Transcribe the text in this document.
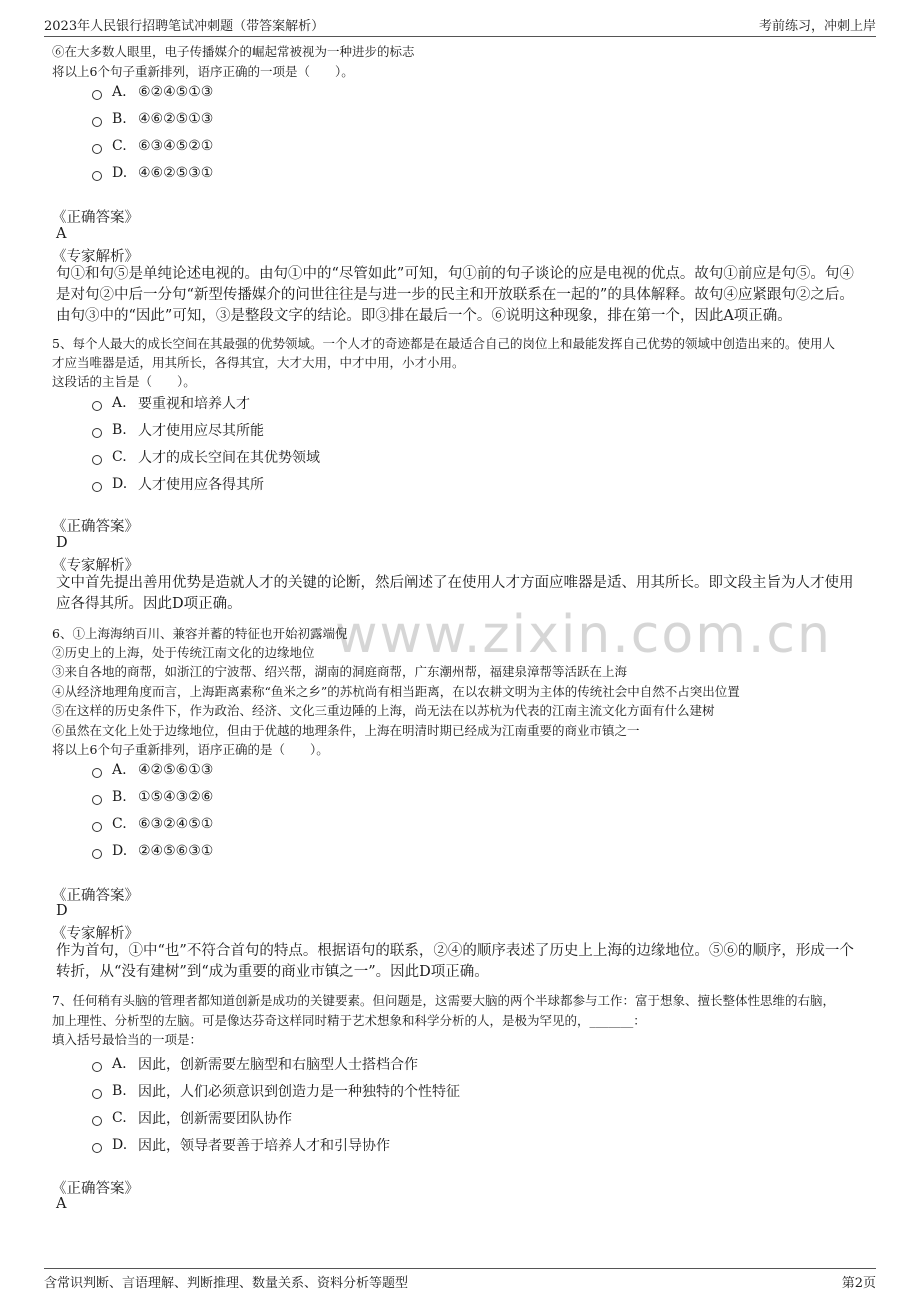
2023年人民银行招聘笔试冲刺题（带答案解析）	考前练习，冲刺上岸
www.zixin.com.cn
⑥在大多数人眼里，电子传播媒介的崛起常被视为一种进步的标志
将以上6个句子重新排列，语序正确的一项是（　　）。
A. ⑥②④⑤①③
B. ④⑥②⑤①③
C. ⑥③④⑤②①
D. ④⑥②⑤③①
《正确答案》
A
《专家解析》
句①和句⑤是单纯论述电视的。由句①中的“尽管如此”可知，句①前的句子谈论的应是电视的优点。故句①前应是句⑤。句④是对句②中后一分句“新型传播媒介的问世往往是与进一步的民主和开放联系在一起的”的具体解释。故句④应紧跟句②之后。由句③中的“因此”可知，③是整段文字的结论。即③排在最后一个。⑥说明这种现象，排在第一个，因此A项正确。
5、每个人最大的成长空间在其最强的优势领域。一个人才的奇迹都是在最适合自己的岗位上和最能发挥自己优势的领域中创造出来的。使用人
才应当唯器是适，用其所长，各得其宜，大才大用，中才中用，小才小用。
这段话的主旨是（　　）。
A. 要重视和培养人才
B. 人才使用应尽其所能
C. 人才的成长空间在其优势领域
D. 人才使用应各得其所
《正确答案》
D
《专家解析》
文中首先提出善用优势是造就人才的关键的论断，然后阐述了在使用人才方面应唯器是适、用其所长。即文段主旨为人才使用应各得其所。因此D项正确。
6、①上海海纳百川、兼容并蓄的特征也开始初露端倪
②历史上的上海，处于传统江南文化的边缘地位
③来自各地的商帮，如浙江的宁波帮、绍兴帮，湖南的洞庭商帮，广东潮州帮，福建泉漳帮等活跃在上海
④从经济地理角度而言，上海距离素称“鱼米之乡”的苏杭尚有相当距离，在以农耕文明为主体的传统社会中自然不占突出位置
⑤在这样的历史条件下，作为政治、经济、文化三重边陲的上海，尚无法在以苏杭为代表的江南主流文化方面有什么建树
⑥虽然在文化上处于边缘地位，但由于优越的地理条件，上海在明清时期已经成为江南重要的商业市镇之一
将以上6个句子重新排列，语序正确的是（　　）。
A. ④②⑤⑥①③
B. ①⑤④③②⑥
C. ⑥③②④⑤①
D. ②④⑤⑥③①
《正确答案》
D
《专家解析》
作为首句，①中“也”不符合首句的特点。根据语句的联系，②④的顺序表述了历史上上海的边缘地位。⑤⑥的顺序，形成一个转折，从“没有建树”到“成为重要的商业市镇之一”。因此D项正确。
7、任何稍有头脑的管理者都知道创新是成功的关键要素。但问题是，这需要大脑的两个半球都参与工作：富于想象、擅长整体性思维的右脑，
加上理性、分析型的左脑。可是像达芬奇这样同时精于艺术想象和科学分析的人，是极为罕见的，_______：
填入括号最恰当的一项是：
A. 因此，创新需要左脑型和右脑型人士搭档合作
B. 因此，人们必须意识到创造力是一种独特的个性特征
C. 因此，创新需要团队协作
D. 因此，领导者要善于培养人才和引导协作
《正确答案》
A
含常识判断、言语理解、判断推理、数量关系、资料分析等题型	第2页
